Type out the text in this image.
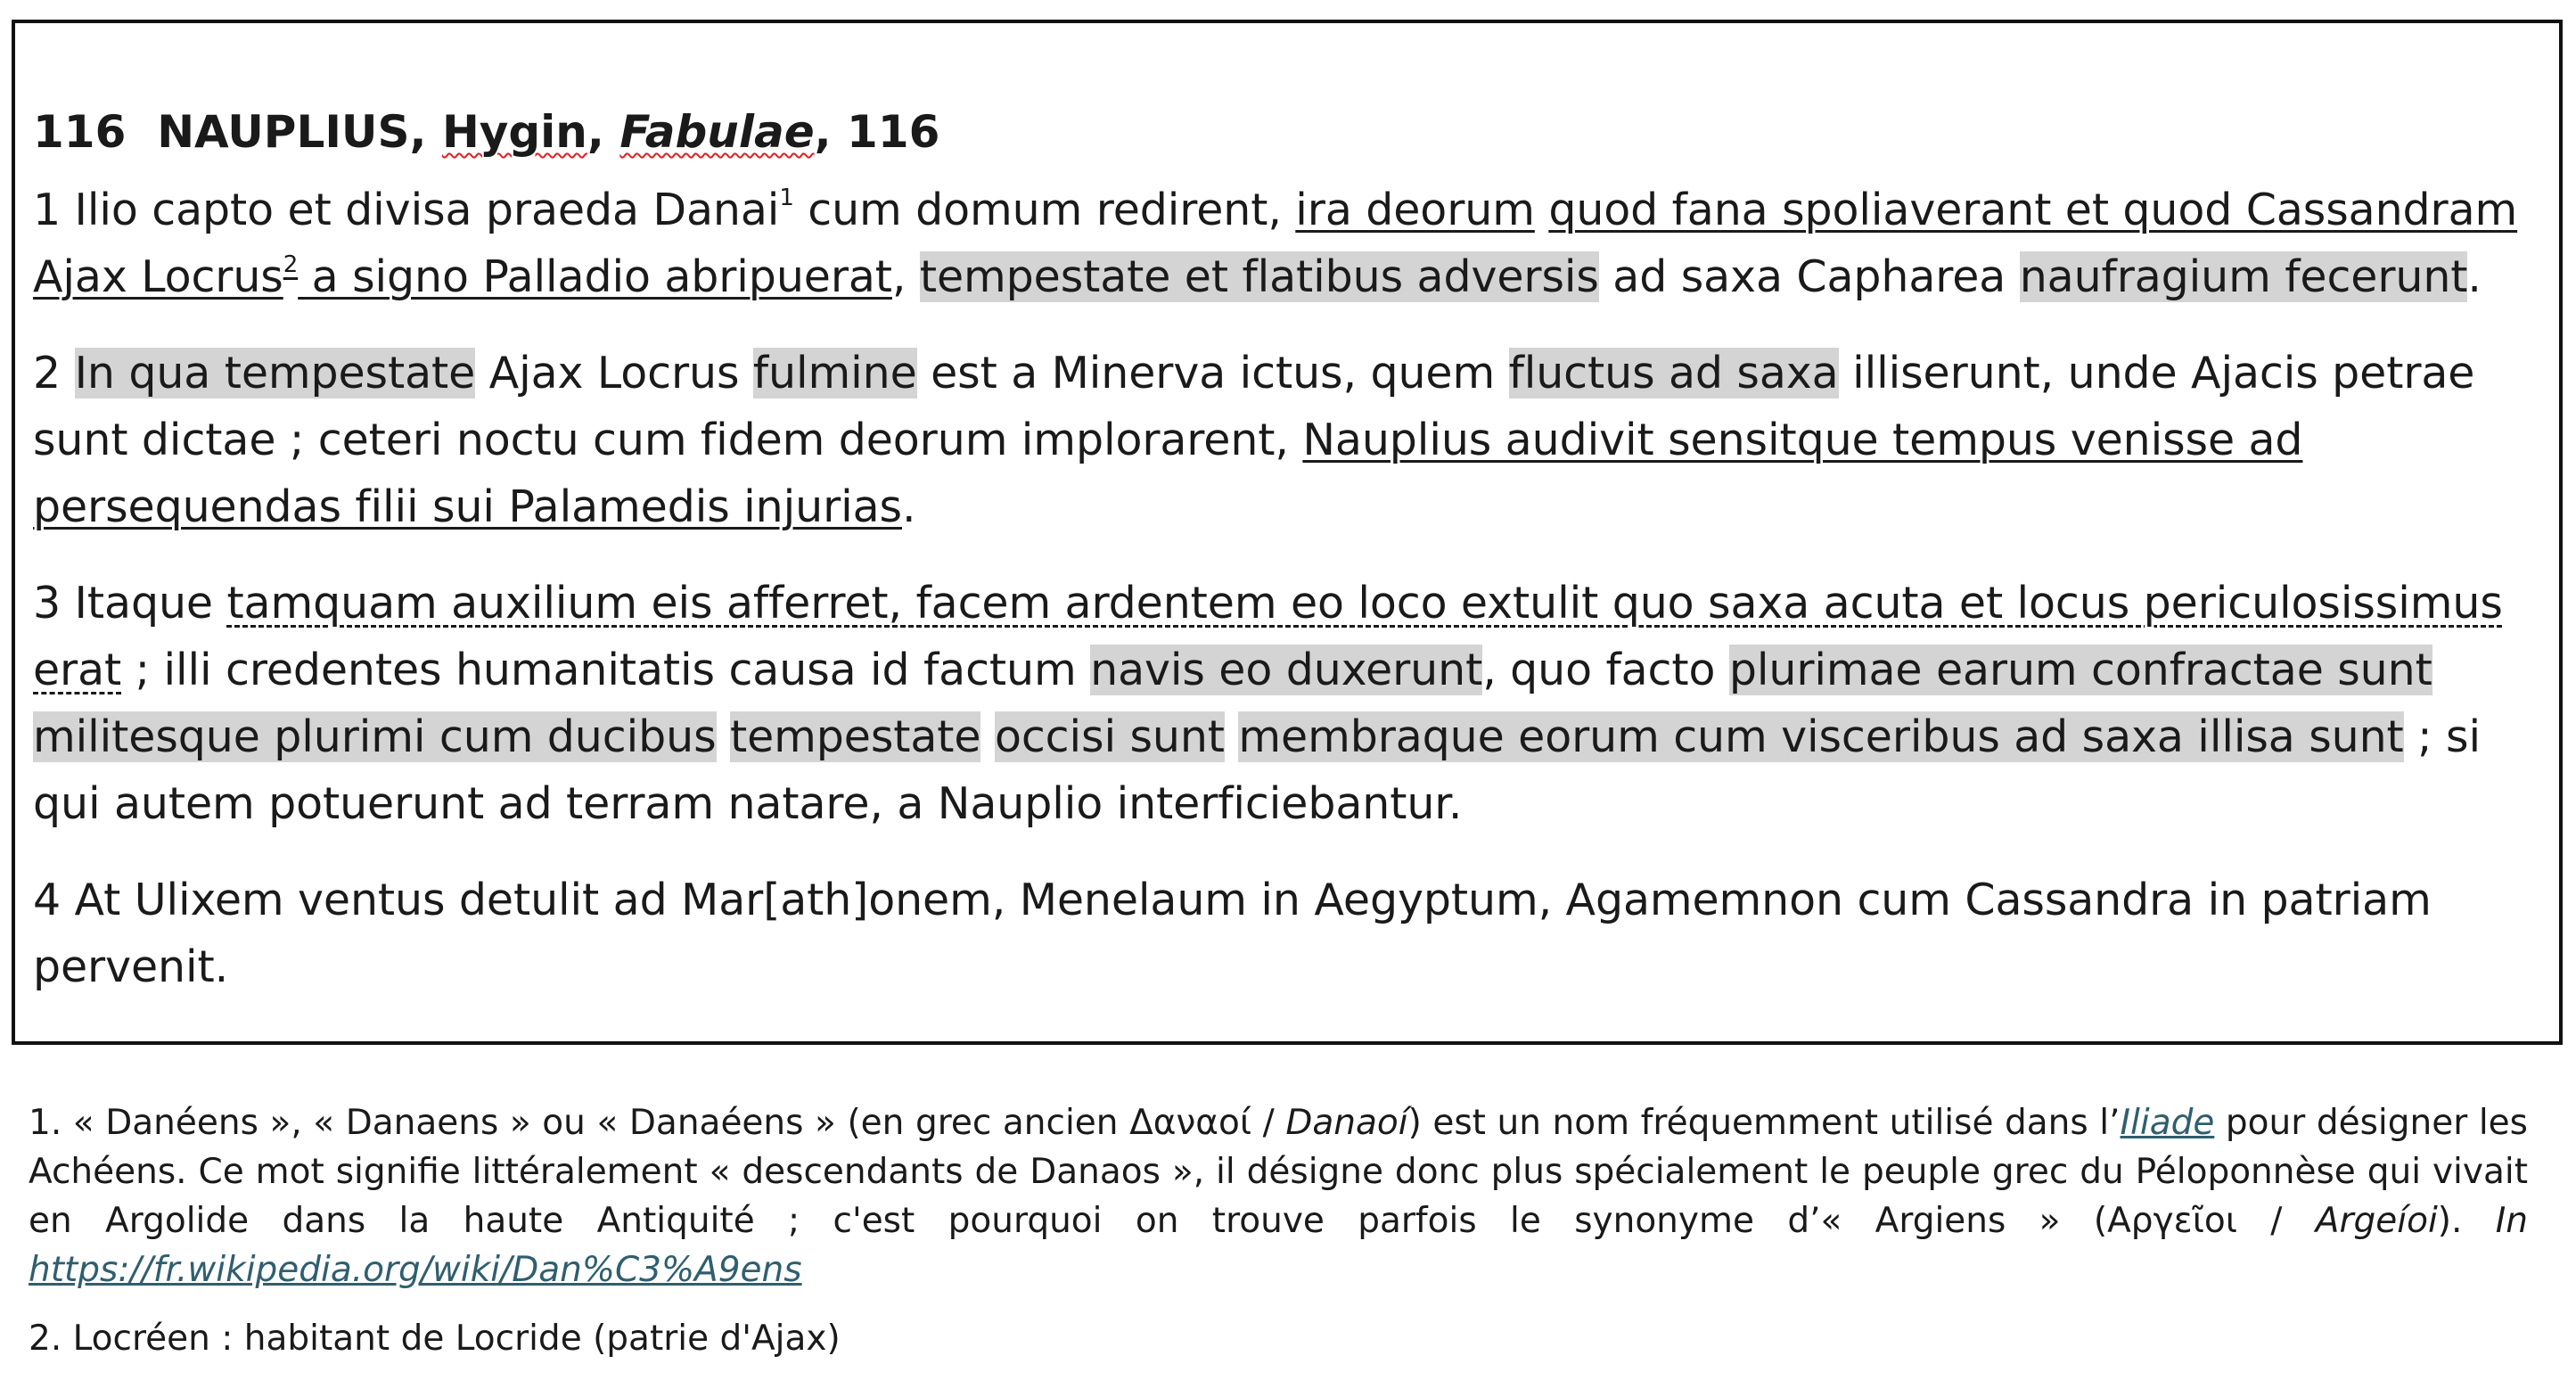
116 NAUPLIUS, Hygin, Fabulae, 116

1 Ilio capto et divisa praeda Danai$^1$ cum domum redirent, ira deorum quod fana spoliaverant et quod Cassandram Ajax Locrus$^2$ a signo Palladio abripuerat, tempestate et flatibus adversis ad saxa Capharea naufragium fecerunt.

2 In qua tempestate Ajax Locrus fulmine est a Minerva ictus, quem fluctus ad saxa illiserunt, unde Ajacis petrae sunt dictae ; ceteri noctu cum fidem deorum implorarent, Nauplius audivit sensitque tempus venisse ad persequendas filii sui Palamedis injurias.

3 Itaque tamquam auxilium eis afferret, facem ardentem eo loco extulit quo saxa acuta et locus periculosissimus erat ; illi credentes humanitatis causa id factum navis eo duxerunt, quo facto plurimae earum confractae sunt militesque plurimi cum ducibus tempestate occisi sunt membraque eorum cum visceribus ad saxa illisa sunt ; si qui autem potuerunt ad terram natare, a Nauplio interficiebantur.

4 At Ulixem ventus detulit ad Mar[ath]onem, Menelaum in Aegyptum, Agamemnon cum Cassandra in patriam pervenit.

1. « Danéens », « Danaens » ou « Danaéens » (en grec ancien Δαναοί / Danaoí) est un nom fréquemment utilisé dans l’Iliade pour désigner les Achéens. Ce mot signifie littéralement « descendants de Danaos », il désigne donc plus spécialement le peuple grec du Péloponnèse qui vivait en Argolide dans la haute Antiquité ; c'est pourquoi on trouve parfois le synonyme d’« Argiens » (Αργεῖοι / Argeíoi). In https://fr.wikipedia.org/wiki/Dan%C3%A9ens

2. Locréen : habitant de Locride (patrie d'Ajax)
